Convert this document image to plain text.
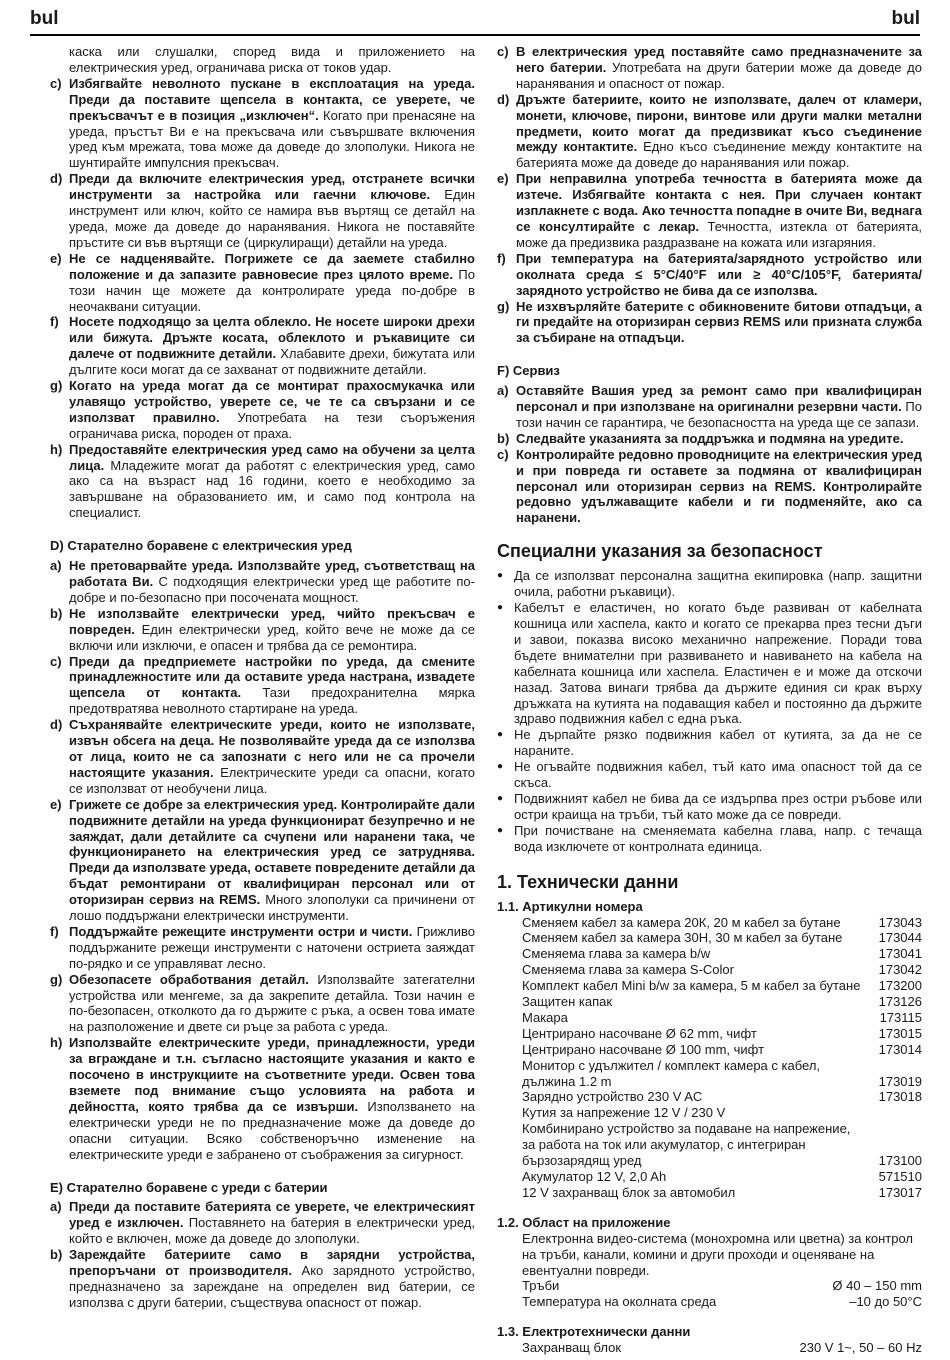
bul	bul
каска или слушалки, според вида и приложението на електрическия уред, ограничава риска от токов удар.
c) Избягвайте неволното пускане в експлоатация на уреда. Преди да поставите щепсела в контакта, се уверете, че прекъсвачът е в позиция „изключен“. Когато при пренасяне на уреда, пръстът Ви е на прекъсвача или съвършвате включения уред към мрежата, това може да доведе до злополуки. Никога не шунтирайте импулсния прекъсвач.
d) Преди да включите електрическия уред, отстранете всички инструменти за настройка или гаечни ключове. Един инструмент или ключ, който се намира във въртящ се детайл на уреда, може да доведе до наранявания. Никога не поставяйте пръстите си във въртящи се (циркулиращи) детайли на уреда.
e) Не се надценявайте. Погрижете се да заемете стабилно положение и да запазите равновесие през цялото време. По този начин ще можете да контролирате уреда по-добре в неочаквани ситуации.
f) Носете подходящо за целта облекло. Не носете широки дрехи или бижута. Дръжте косата, облеклото и ръкавиците си далече от подвижните детайли. Хлабавите дрехи, бижутата или дългите коси могат да се захванат от подвижните детайли.
g) Когато на уреда могат да се монтират прахосмукачка или улавящо устройство, уверете се, че те са свързани и се използват правилно. Употребата на тези съоръжения ограничава риска, породен от праха.
h) Предоставяйте електрическия уред само на обучени за целта лица. Младежите могат да работят с електрическия уред, само ако са на възраст над 16 години, което е необходимо за завършване на образованието им, и само под контрола на специалист.
D) Старателно боравене с електрическия уред
a) Не претоварвайте уреда. Използвайте уред, съответстващ на работата Ви. С подходящия електрически уред ще работите по-добре и по-безопасно при посочената мощност.
b) Не използвайте електрически уред, чийто прекъсвач е повреден. Един електрически уред, който вече не може да се включи или изключи, е опасен и трябва да се ремонтира.
c) Преди да предприемете настройки по уреда, да смените принадлежностите или да оставите уреда настрана, извадете щепсела от контакта. Тази предохранителна мярка предотвратява неволното стартиране на уреда.
d) Съхранявайте електрическите уреди, които не използвате, извън обсега на деца. Не позволявайте уреда да се използва от лица, които не са запознати с него или не са прочели настоящите указания. Електрическите уреди са опасни, когато се използват от необучени лица.
e) Грижете се добре за електрическия уред. Контролирайте дали подвижните детайли на уреда функционират безупречно и не заяждат, дали детайлите са счупени или наранени така, че функционирането на електрическия уред се затруднява. Преди да използвате уреда, оставете повредените детайли да бъдат ремонтирани от квалифициран персонал или от оторизиран сервиз на REMS. Много злополуки са причинени от лошо поддържани електрически инструменти.
f) Поддържайте режещите инструменти остри и чисти. Грижливо поддържаните режещи инструменти с наточени остриета заяждат по-рядко и се управляват лесно.
g) Обезопасете обработвания детайл. Използвайте затегателни устройства или менгеме, за да закрепите детайла. Този начин е по-безопасен, отколкото да го държите с ръка, а освен това имате на разположение и двете си ръце за работа с уреда.
h) Използвайте електрическите уреди, принадлежности, уреди за вграждане и т.н. съгласно настоящите указания и както е посочено в инструкциите на съответните уреди. Освен това вземете под внимание също условията на работа и дейността, която трябва да се извърши. Използването на електрически уреди не по предназначение може да доведе до опасни ситуации. Всяко собственоръчно изменение на електрическите уреди е забранено от съображения за сигурност.
E) Старателно боравене с уреди с батерии
a) Преди да поставите батерията се уверете, че електрическият уред е изключен. Поставянето на батерия в електрически уред, който е включен, може да доведе до злополуки.
b) Зареждайте батериите само в зарядни устройства, препоръчани от производителя. Ако зарядното устройство, предназначено за зареждане на определен вид батерии, се използва с други батерии, съществува опасност от пожар.
c) В електрическия уред поставяйте само предназначените за него батерии. Употребата на други батерии може да доведе до наранявания и опасност от пожар.
d) Дръжте батериите, които не използвате, далеч от кламери, монети, ключове, пирони, винтове или други малки метални предмети, които могат да предизвикат късо съединение между контактите. Едно късо съединение между контактите на батерията може да доведе до наранявания или пожар.
e) При неправилна употреба течността в батерията може да изтече. Избягвайте контакта с нея. При случаен контакт изплакнете с вода. Ако течността попадне в очите Ви, веднага се консултирайте с лекар. Течността, изтекла от батерията, може да предизвика раздразване на кожата или изгаряния.
f) При температура на батерията/зарядното устройство или околната среда ≤ 5°C/40°F или ≥ 40°C/105°F, батерията/зарядното устройство не бива да се използва.
g) Не изхвърляйте батерите с обикновените битови отпадъци, а ги предайте на оторизиран сервиз REMS или призната служба за събиране на отпадъци.
F) Сервиз
a) Оставяйте Вашия уред за ремонт само при квалифициран персонал и при използване на оригинални резервни части. По този начин се гарантира, че безопасността на уреда ще се запази.
b) Следвайте указанията за поддръжка и подмяна на уредите.
c) Контролирайте редовно проводниците на електрическия уред и при повреда ги оставете за подмяна от квалифициран персонал или оторизиран сервиз на REMS. Контролирайте редовно удължаващите кабели и ги подменяйте, ако са наранени.
Специални указания за безопасност
● Да се използват персонална защитна екипировка (напр. защитни очила, работни ръкавици).
● Кабелът е еластичен, но когато бъде развиван от кабелната кошница или хаспела, както и когато се прекарва през тесни дъги и завои, показва високо механично напрежение. Поради това бъдете внимателни при развиването и навиването на кабела на кабелната кошница или хаспела. Еластичен е и може да отскочи назад. Затова винаги трябва да държите единия си крак върху дръжката на кутията на подаващия кабел и постоянно да държите здраво подвижния кабел с една ръка.
● Не дърпайте рязко подвижния кабел от кутията, за да не се нараните.
● Не огъвайте подвижния кабел, тъй като има опасност той да се скъса.
● Подвижният кабел не бива да се издърпва през остри ръбове или остри краища на тръби, тъй като може да се повреди.
● При почистване на сменяемата кабелна глава, напр. с течаща вода изключете от контролната единица.
1. Технически данни
1.1. Артикулни номера
Сменяем кабел за камера 20К, 20 м кабел за бутане	173043
Сменяем кабел за камера 30Н, 30 м кабел за бутане	173044
Сменяема глава за камера b/w	173041
Сменяема глава за камера S-Color	173042
Комплект кабел Mini b/w за камера, 5 м кабел за бутане 173200
Защитен капак	173126
Макара	173115
Центрирано насочване Ø 62 mm, чифт	173015
Центрирано насочване Ø 100 mm, чифт	173014
Монитор с удължител / комплект камера с кабел,
дължина 1.2 m	173019
Зарядно устройство 230 V AC	173018
Кутия за напрежение 12 V / 230 V
Комбинирано устройство за подаване на напрежение,
за работа на ток или акумулатор, с интегриран
бързозарядящ уред	173100
Акумулатор 12 V, 2,0 Ah	571510
12 V захранващ блок за автомобил	173017
1.2. Област на приложение
Електронна видео-система (монохромна или цветна) за контрол на тръби, канали, комини и други проходи и оценяване на евентуални повреди.
Тръби	Ø 40 – 150 mm
Температура на околната среда	–10 до 50°C
1.3. Електротехнически данни
Захранващ блок	230 V 1~, 50 – 60 Hz
